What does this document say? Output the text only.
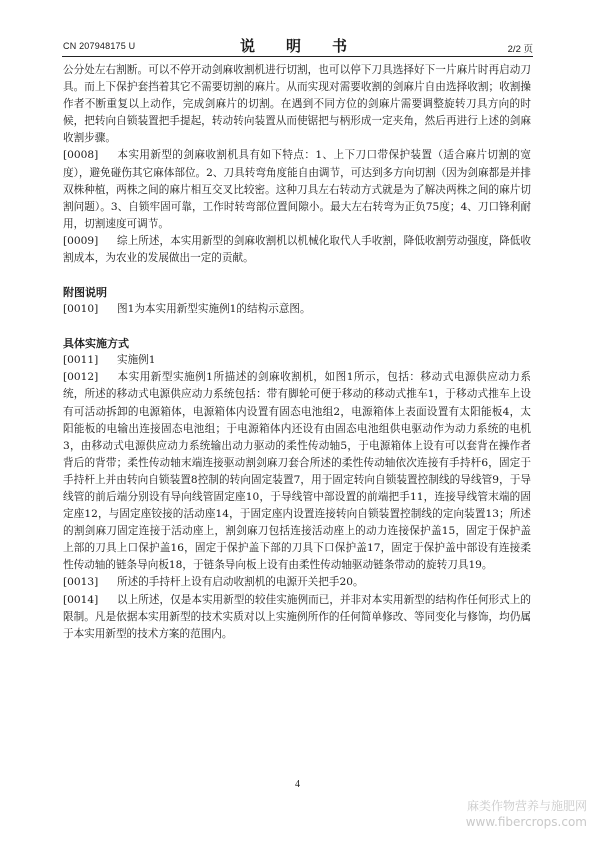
CN 207948175 U	说　明　书	2/2 页

公分处左右割断。可以不停开动剑麻收割机进行切割，也可以停下刀具选择好下一片麻片时再启动刀具。而上下保护套挡着其它不需要切割的麻片。从而实现对需要收割的剑麻片自由选择收割；收割操作者不断重复以上动作，完成剑麻片的切割。在遇到不同方位的剑麻片需要调整旋转刀具方向的时候，把转向自锁装置把手提起，转动转向装置从而使锯把与柄形成一定夹角，然后再进行上述的剑麻收割步骤。

[0008] 本实用新型的剑麻收割机具有如下特点：1、上下刀口带保护装置（适合麻片切割的宽度），避免碰伤其它麻体部位。2、刀具转弯角度能自由调节，可达到多方向切割（因为剑麻都是并排双株种植，两株之间的麻片相互交叉比较密。这种刀具左右转动方式就是为了解决两株之间的麻片切割问题）。3、自锁牢固可靠，工作时转弯部位置间隙小。最大左右转弯为正负75度；4、刀口锋利耐用，切割速度可调节。

[0009] 综上所述，本实用新型的剑麻收割机以机械化取代人手收割，降低收割劳动强度，降低收割成本，为农业的发展做出一定的贡献。

附图说明

[0010] 图1为本实用新型实施例1的结构示意图。

具体实施方式

[0011] 实施例1

[0012] 本实用新型实施例1所描述的剑麻收割机，如图1所示，包括：移动式电源供应动力系统，所述的移动式电源供应动力系统包括：带有脚轮可便于移动的移动式推车1，于移动式推车上设有可活动拆卸的电源箱体，电源箱体内设置有固态电池组2，电源箱体上表面设置有太阳能板4，太阳能板的电输出连接固态电池组；于电源箱体内还设有由固态电池组供电驱动作为动力系统的电机3，由移动式电源供应动力系统输出动力驱动的柔性传动轴5，于电源箱体上设有可以套背在操作者背后的背带；柔性传动轴末端连接驱动割剑麻刀套合所述的柔性传动轴依次连接有手持杆6，固定于手持杆上并由转向自锁装置8控制的转向固定装置7，用于固定转向自锁装置控制线的导线管9，于导线管的前后端分别设有导向线管固定座10，于导线管中部设置的前端把手11，连接导线管末端的固定座12，与固定座铰接的活动座14，于固定座内设置连接转向自锁装置控制线的定向装置13；所述的割剑麻刀固定连接于活动座上，割剑麻刀包括连接活动座上的动力连接保护盖15，固定于保护盖上部的刀具上口保护盖16，固定于保护盖下部的刀具下口保护盖17，固定于保护盖中部设有连接柔性传动轴的链条导向板18，于链条导向板上设有由柔性传动轴驱动链条带动的旋转刀具19。

[0013] 所述的手持杆上设有启动收割机的电源开关把手20。

[0014] 以上所述，仅是本实用新型的较佳实施例而已，并非对本实用新型的结构作任何形式上的限制。凡是依据本实用新型的技术实质对以上实施例所作的任何简单修改、等同变化与修饰，均仍属于本实用新型的技术方案的范围内。

4
麻类作物营养与施肥网
www.fibercrops.com
